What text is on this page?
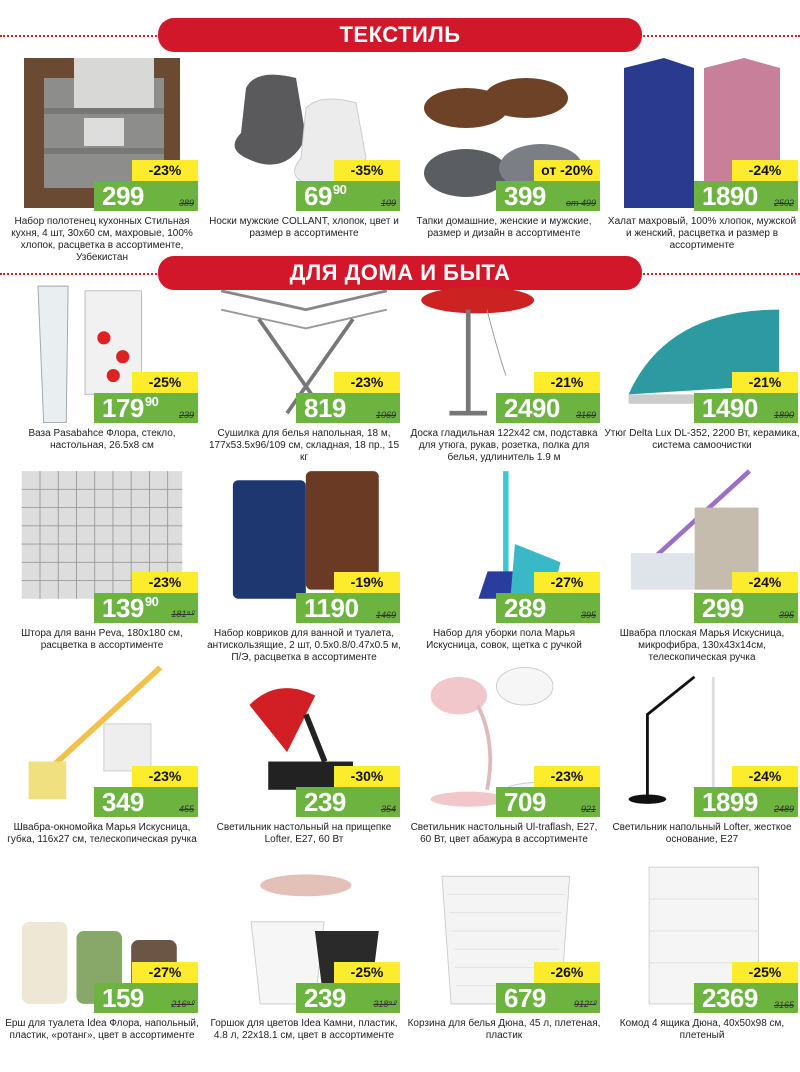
ТЕКСТИЛЬ
ДЛЯ ДОМА И БЫТА
-23%
299	389
Набор полотенец кухонных Стильная кухня, 4 шт, 30х60 см, махровые, 100% хлопок, расцветка в ассортименте, Узбекистан
-35%
$69^{90}$
109
Носки мужские COLLANT, хлопок, цвет и размер в ассортименте
от -20%
399 от 499
Тапки домашние, женские и мужские, размер и дизайн в ассортименте
-24%
1890 2502
Халат махровый, 100% хлопок, мужской и женский, расцветка и размер в ассортименте
-25%
$179^{90}$
239
Ваза Pasabahce Флора, стекло, настольная, 26.5х8 см
-23%
819	1069
Сушилка для белья напольная, 18 м, 177х53.5х96/109 см, складная, 18 пр., 15 кг
-21%
2490 3169
Доска гладильная 122х42 см, подставка для утюга, рукав, розетка, полка для белья, удлинитель 1.9 м
-21%
1490 1890
Утюг Delta Lux DL-352, 2200 Вт, керамика, система самоочистки
-23%
$139^{90}$
181⁹⁰
Штора для ванн Peva, 180х180 см, расцветка в ассортименте
-19%
1190 1469
Набор ковриков для ванной и туалета, антискользящие, 2 шт, 0.5х0.8/0.47х0.5 м, П/Э, расцветка в ассортименте
-27%
289	395
Набор для уборки пола Марья Искусница, совок, щетка с ручкой
-24%
299	395
Швабра плоская Марья Искусница, микрофибра, 130х43х14см, телескопическая ручка
-23%
349	455
Швабра-окномойка Марья Искусница, губка, 116х27 см, телескопическая ручка
-30%
239	354
Светильник настольный на прищепке Lofter, E27, 60 Вт
-23%
709	921
Светильник настольный Ul-traflash, E27, 60 Вт, цвет абажура в ассортименте
-24%
1899 2489
Светильник напольный Lofter, жесткое основание, E27
-27%
159	216⁹⁰
Ерш для туалета Idea Флора, напольный, пластик, «ротанг», цвет в ассортименте
-25%
239	318⁹⁰
Горшок для цветов Idea Камни, пластик, 4.8 л, 22х18.1 см, цвет в ассортименте
-26%
679	912⁷⁰
Корзина для белья Дюна, 45 л, плетеная, пластик
-25%
2369 3165
Комод 4 ящика Дюна, 40х50х98 см, плетеный
